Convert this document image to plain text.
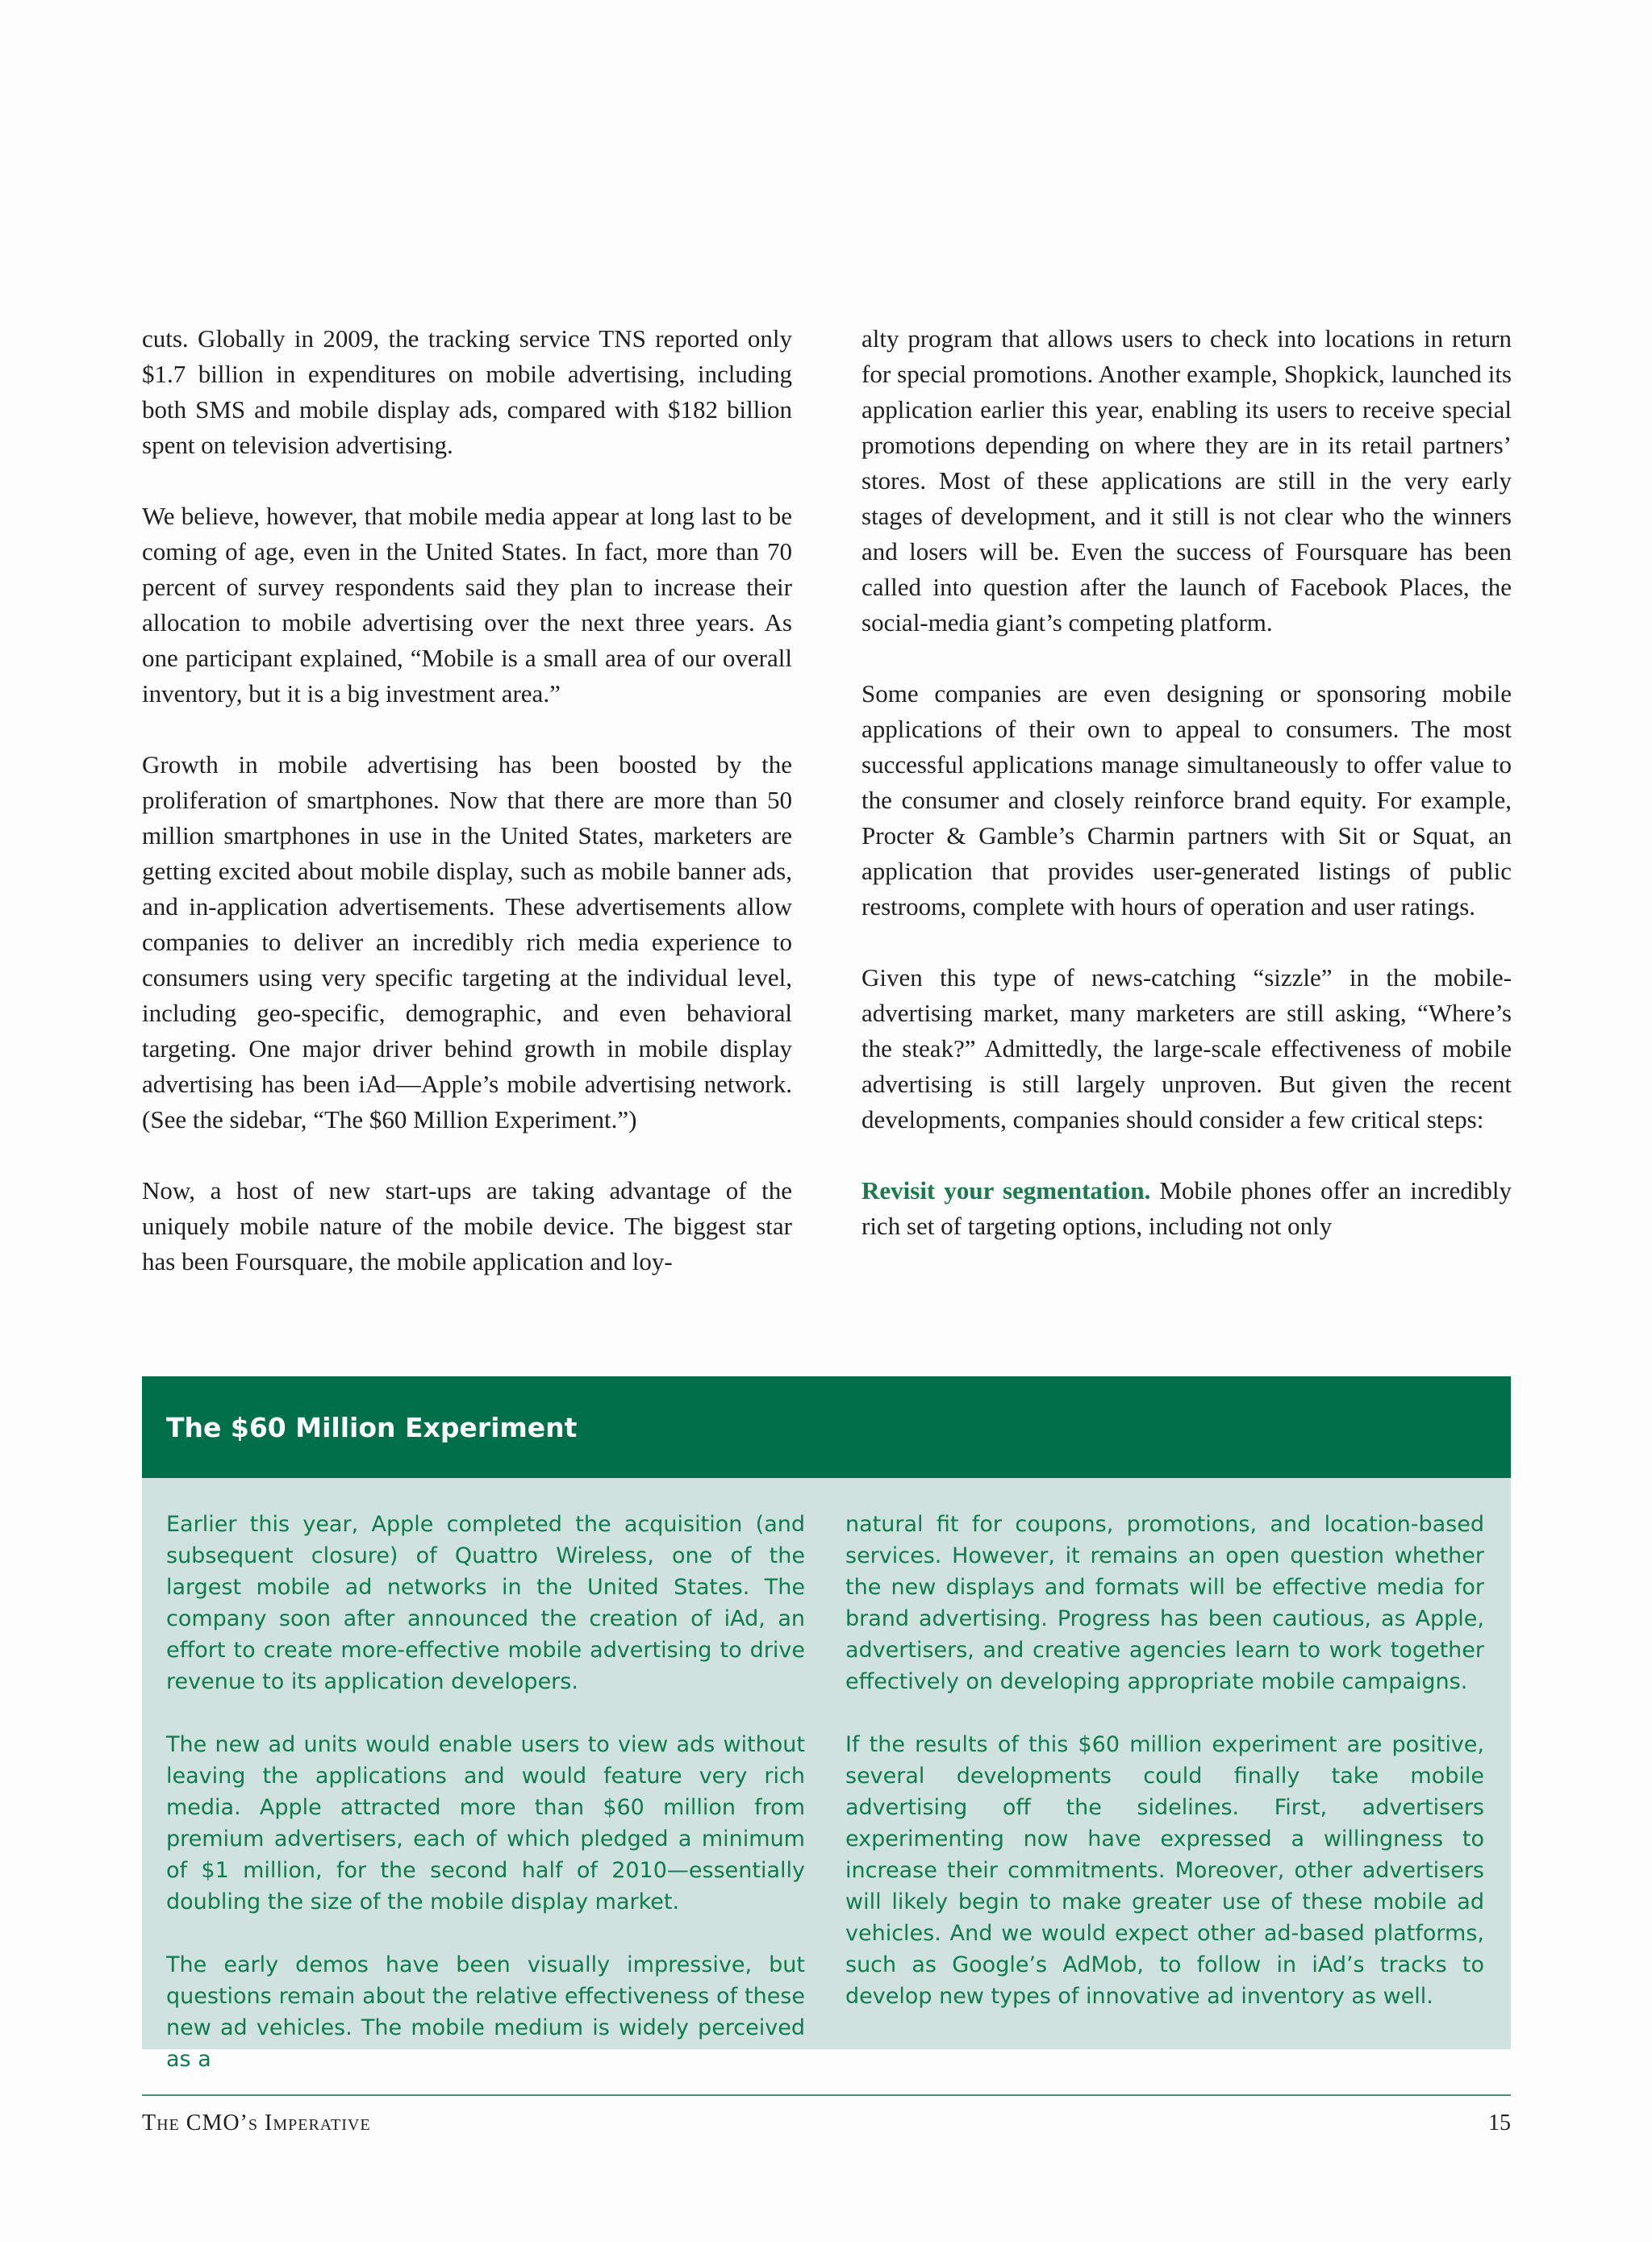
cuts. Globally in 2009, the tracking service TNS reported only $1.7 billion in expenditures on mobile advertising, including both SMS and mobile display ads, compared with $182 billion spent on television advertising.

We believe, however, that mobile media appear at long last to be coming of age, even in the United States. In fact, more than 70 percent of survey respondents said they plan to increase their allocation to mobile advertising over the next three years. As one participant explained, “Mobile is a small area of our overall inventory, but it is a big investment area.”

Growth in mobile advertising has been boosted by the proliferation of smartphones. Now that there are more than 50 million smartphones in use in the United States, marketers are getting excited about mobile display, such as mobile banner ads, and in-application advertisements. These advertisements allow companies to deliver an incredibly rich media experience to consumers using very specific targeting at the individual level, including geo-specific, demographic, and even behavioral targeting. One major driver behind growth in mobile display advertising has been iAd—Apple’s mobile advertising network. (See the sidebar, “The $60 Million Experiment.”)

Now, a host of new start-ups are taking advantage of the uniquely mobile nature of the mobile device. The biggest star has been Foursquare, the mobile application and loy-

alty program that allows users to check into locations in return for special promotions. Another example, Shopkick, launched its application earlier this year, enabling its users to receive special promotions depending on where they are in its retail partners’ stores. Most of these applications are still in the very early stages of development, and it still is not clear who the winners and losers will be. Even the success of Foursquare has been called into question after the launch of Facebook Places, the social-media giant’s competing platform.

Some companies are even designing or sponsoring mobile applications of their own to appeal to consumers. The most successful applications manage simultaneously to offer value to the consumer and closely reinforce brand equity. For example, Procter & Gamble’s Charmin partners with Sit or Squat, an application that provides user-generated listings of public restrooms, complete with hours of operation and user ratings.

Given this type of news-catching “sizzle” in the mobile-advertising market, many marketers are still asking, “Where’s the steak?” Admittedly, the large-scale effectiveness of mobile advertising is still largely unproven. But given the recent developments, companies should consider a few critical steps:

Revisit your segmentation. Mobile phones offer an incredibly rich set of targeting options, including not only

The $60 Million Experiment

Earlier this year, Apple completed the acquisition (and subsequent closure) of Quattro Wireless, one of the largest mobile ad networks in the United States. The company soon after announced the creation of iAd, an effort to create more-effective mobile advertising to drive revenue to its application developers.

The new ad units would enable users to view ads without leaving the applications and would feature very rich media. Apple attracted more than $60 million from premium advertisers, each of which pledged a minimum of $1 million, for the second half of 2010—essentially doubling the size of the mobile display market.

The early demos have been visually impressive, but questions remain about the relative effectiveness of these new ad vehicles. The mobile medium is widely perceived as a

natural fit for coupons, promotions, and location-based services. However, it remains an open question whether the new displays and formats will be effective media for brand advertising. Progress has been cautious, as Apple, advertisers, and creative agencies learn to work together effectively on developing appropriate mobile campaigns.

If the results of this $60 million experiment are positive, several developments could finally take mobile advertising off the sidelines. First, advertisers experimenting now have expressed a willingness to increase their commitments. Moreover, other advertisers will likely begin to make greater use of these mobile ad vehicles. And we would expect other ad-based platforms, such as Google’s AdMob, to follow in iAd’s tracks to develop new types of innovative ad inventory as well.

The CMO’s Imperative	15
